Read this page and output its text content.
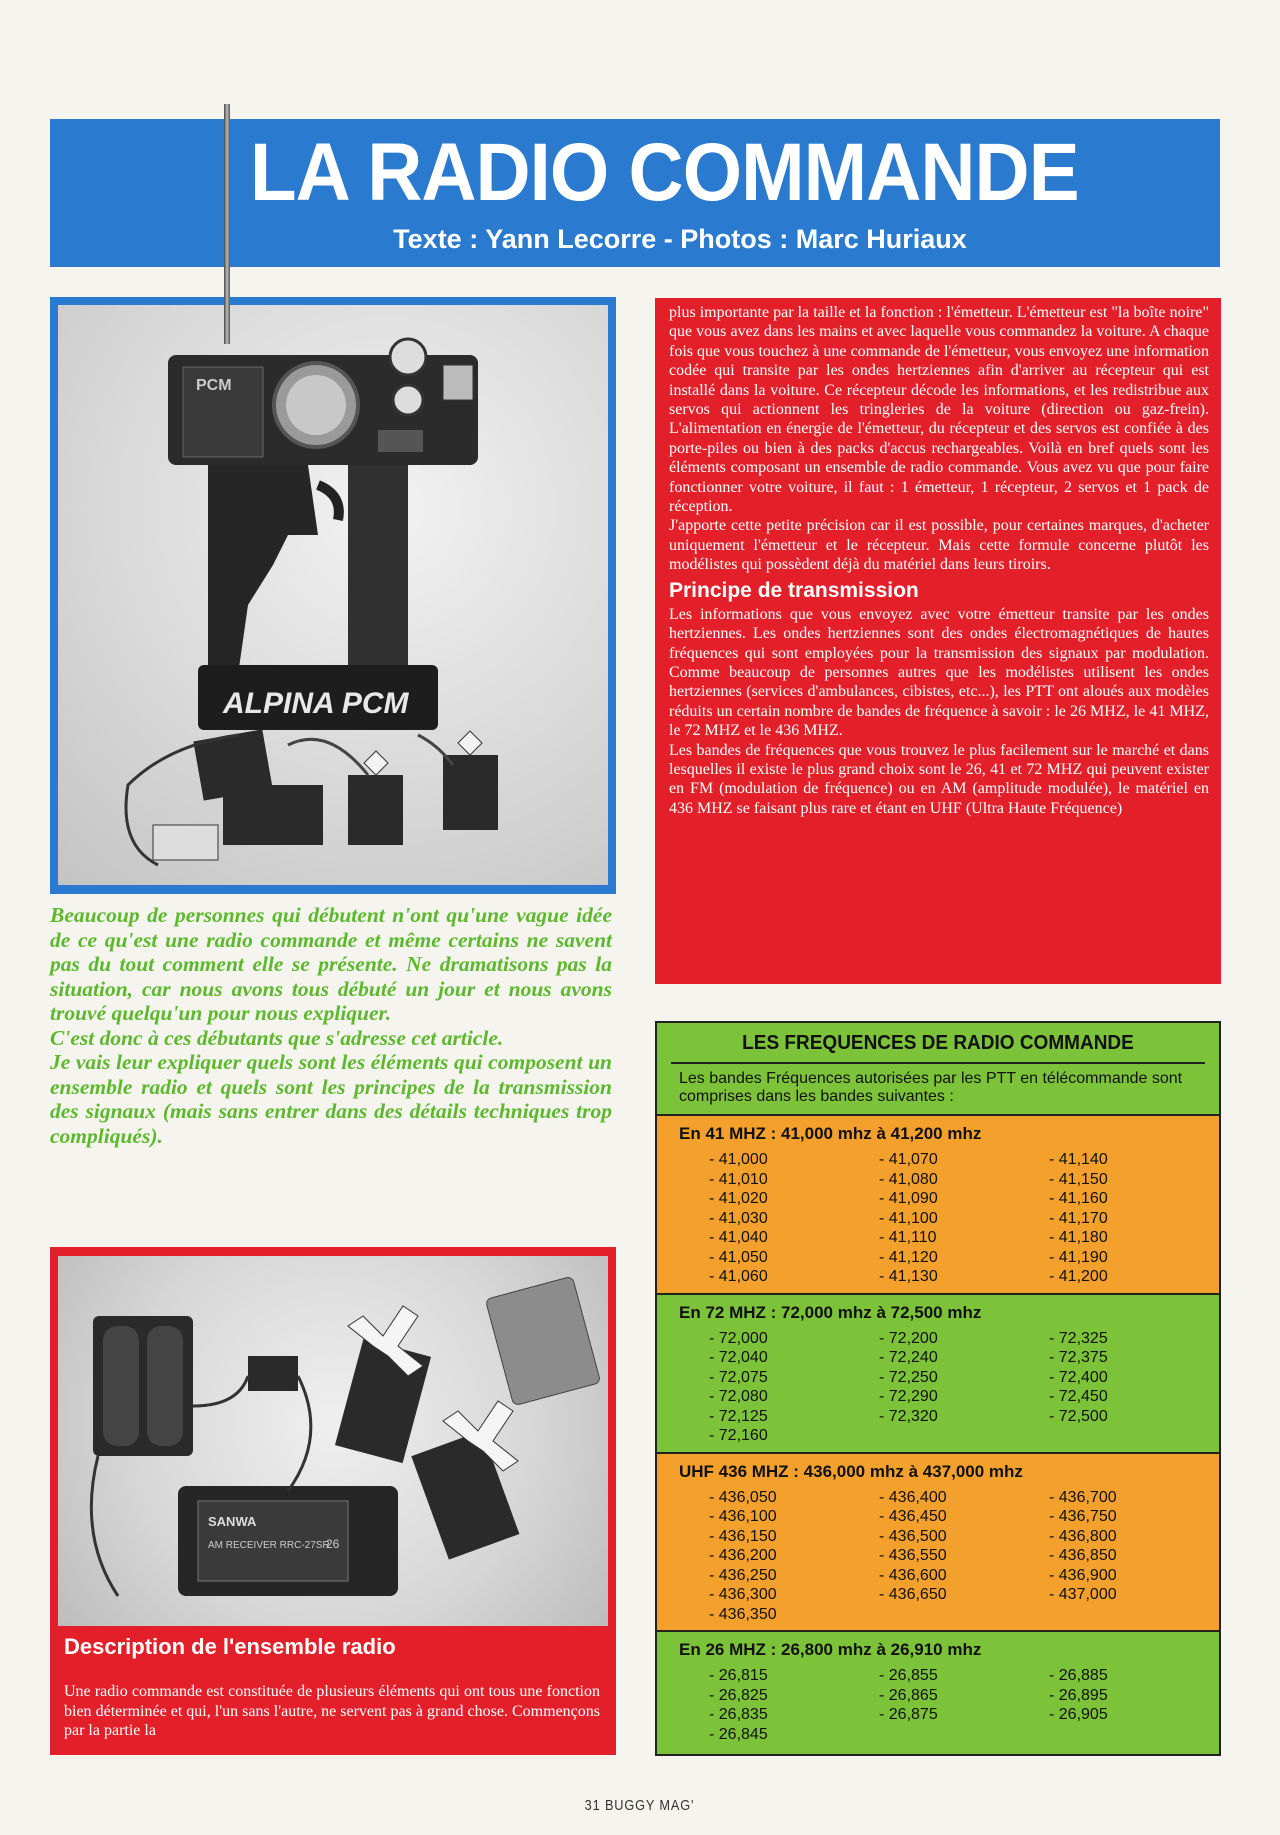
LA RADIO COMMANDE
Texte : Yann Lecorre - Photos : Marc Huriaux
PCM
ALPINA PCM

Beaucoup de personnes qui débutent n'ont qu'une vague idée de ce qu'est une radio commande et même certains ne savent pas du tout comment elle se présente. Ne dramatisons pas la situation, car nous avons tous débuté un jour et nous avons trouvé quelqu'un pour nous expliquer.

C'est donc à ces débutants que s'adresse cet article.

Je vais leur expliquer quels sont les éléments qui composent un ensemble radio et quels sont les principes de la transmission des signaux (mais sans entrer dans des détails techniques trop compliqués).

SANWA
AM RECEIVER RRC-27SR
26
Description de l'ensemble radio
Une radio commande est constituée de plusieurs éléments qui ont tous une fonction bien déterminée et qui, l'un sans l'autre, ne servent pas à grand chose. Commençons par la partie la

plus importante par la taille et la fonction : l'émetteur. L'émetteur est "la boîte noire" que vous avez dans les mains et avec laquelle vous commandez la voiture. A chaque fois que vous touchez à une commande de l'émetteur, vous envoyez une information codée qui transite par les ondes hertziennes afin d'arriver au récepteur qui est installé dans la voiture. Ce récepteur décode les informations, et les redistribue aux servos qui actionnent les tringleries de la voiture (direction ou gaz-frein). L'alimentation en énergie de l'émetteur, du récepteur et des servos est confiée à des porte-piles ou bien à des packs d'accus rechargeables. Voilà en bref quels sont les éléments composant un ensemble de radio commande. Vous avez vu que pour faire fonctionner votre voiture, il faut : 1 émetteur, 1 récepteur, 2 servos et 1 pack de réception.

J'apporte cette petite précision car il est possible, pour certaines marques, d'acheter uniquement l'émetteur et le récepteur. Mais cette formule concerne plutôt les modélistes qui possèdent déjà du matériel dans leurs tiroirs.

Principe de transmission

Les informations que vous envoyez avec votre émetteur transite par les ondes hertziennes. Les ondes hertziennes sont des ondes électromagnétiques de hautes fréquences qui sont employées pour la transmission des signaux par modulation. Comme beaucoup de personnes autres que les modélistes utilisent les ondes hertziennes (services d'ambulances, cibistes, etc...), les PTT ont aloués aux modèles réduits un certain nombre de bandes de fréquence à savoir : le 26 MHZ, le 41 MHZ, le 72 MHZ et le 436 MHZ.

Les bandes de fréquences que vous trouvez le plus facilement sur le marché et dans lesquelles il existe le plus grand choix sont le 26, 41 et 72 MHZ qui peuvent exister en FM (modulation de fréquence) ou en AM (amplitude modulée), le matériel en 436 MHZ se faisant plus rare et étant en UHF (Ultra Haute Fréquence)

LES FREQUENCES DE RADIO COMMANDE
Les bandes Fréquences autorisées par les PTT en télécommande sont comprises dans les bandes suivantes :
En 41 MHZ : 41,000 mhz à 41,200 mhz
- 41,000
- 41,010
- 41,020
- 41,030
- 41,040
- 41,050
- 41,060
- 41,070
- 41,080
- 41,090
- 41,100
- 41,110
- 41,120
- 41,130
- 41,140
- 41,150
- 41,160
- 41,170
- 41,180
- 41,190
- 41,200
En 72 MHZ : 72,000 mhz à 72,500 mhz
- 72,000
- 72,040
- 72,075
- 72,080
- 72,125
- 72,160
- 72,200
- 72,240
- 72,250
- 72,290
- 72,320
- 72,325
- 72,375
- 72,400
- 72,450
- 72,500
UHF 436 MHZ : 436,000 mhz à 437,000 mhz
- 436,050
- 436,100
- 436,150
- 436,200
- 436,250
- 436,300
- 436,350
- 436,400
- 436,450
- 436,500
- 436,550
- 436,600
- 436,650
- 436,700
- 436,750
- 436,800
- 436,850
- 436,900
- 437,000
En 26 MHZ : 26,800 mhz à 26,910 mhz
- 26,815
- 26,825
- 26,835
- 26,845
- 26,855
- 26,865
- 26,875
- 26,885
- 26,895
- 26,905
31 BUGGY MAG'
